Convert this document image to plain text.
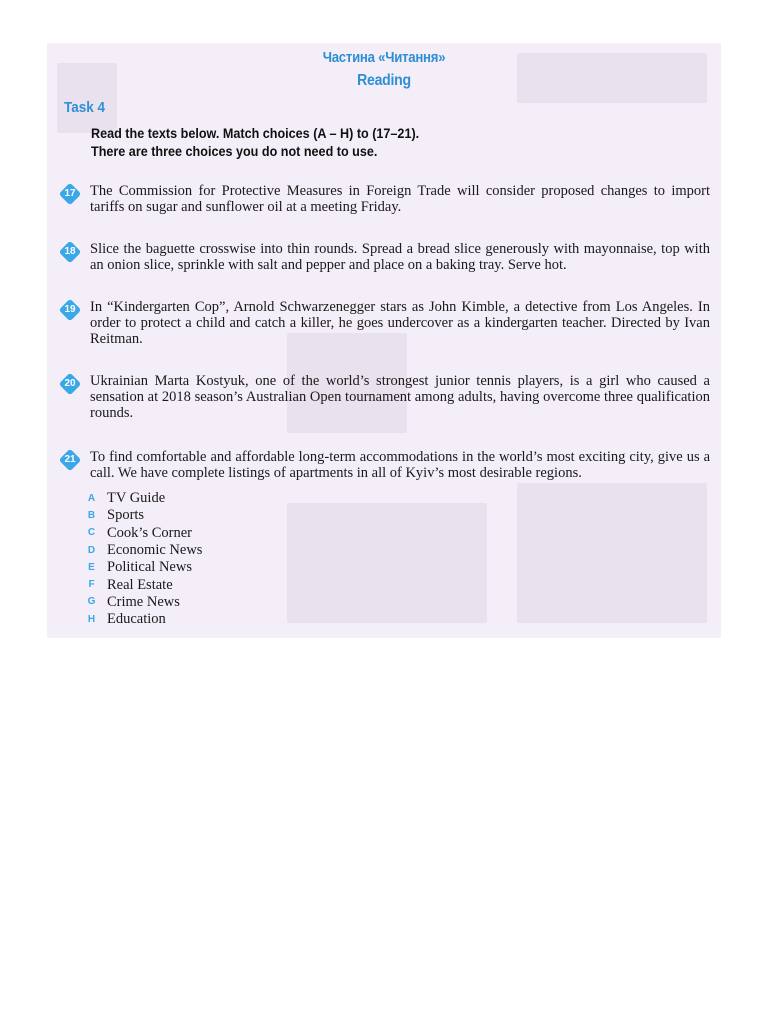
Частина «Читання»
Reading
Task 4
Read the texts below. Match choices (A – H) to (17–21).
There are three choices you do not need to use.
17 The Commission for Protective Measures in Foreign Trade will consider proposed changes to import tariffs on sugar and sunflower oil at a meeting Friday.
18 Slice the baguette crosswise into thin rounds. Spread a bread slice generously with mayonnaise, top with an onion slice, sprinkle with salt and pepper and place on a baking tray. Serve hot.
19 In “Kindergarten Cop”, Arnold Schwarzenegger stars as John Kimble, a detective from Los Angeles. In order to protect a child and catch a killer, he goes undercover as a kindergarten teacher. Directed by Ivan Reitman.
20 Ukrainian Marta Kostyuk, one of the world’s strongest junior tennis players, is a girl who caused a sensation at 2018 season’s Australian Open tournament among adults, having overcome three qualification rounds.
21 To find comfortable and affordable long-term accommodations in the world’s most exciting city, give us a call. We have complete listings of apartments in all of Kyiv’s most desirable regions.
A TV Guide
B Sports
C Cook’s Corner
D Economic News
E Political News
F Real Estate
G Crime News
H Education
